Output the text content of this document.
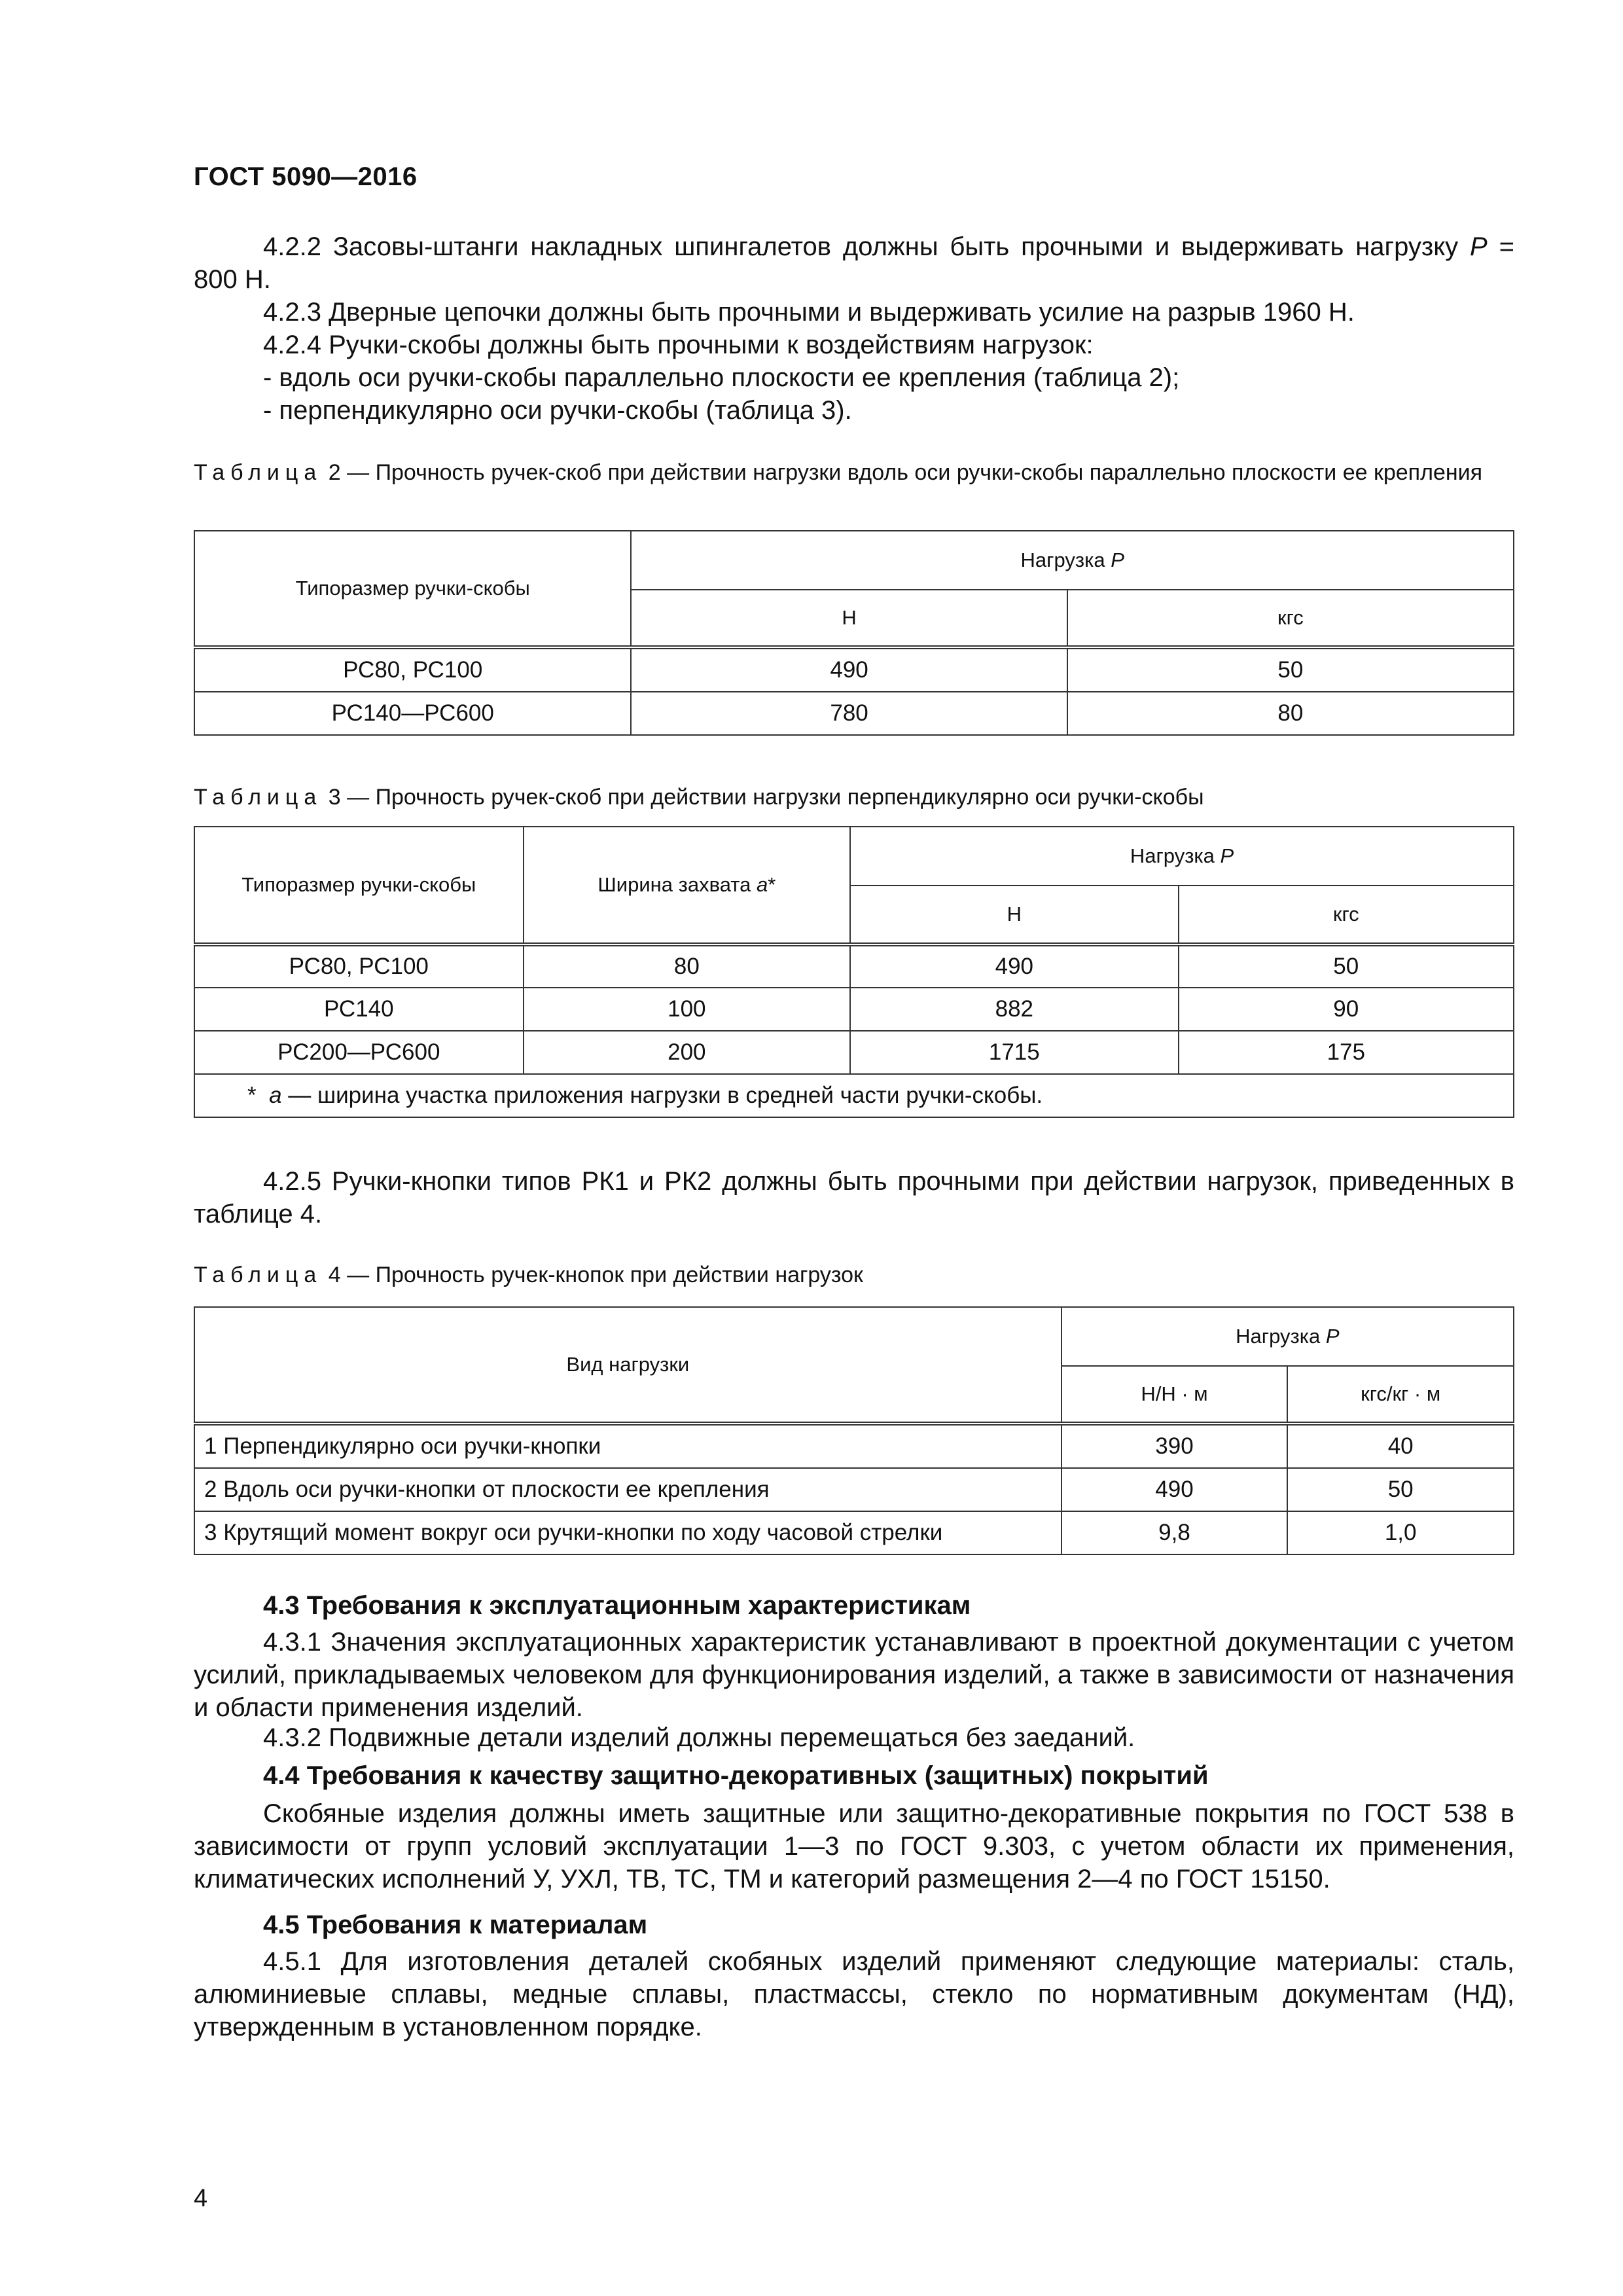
ГОСТ 5090—2016
4.2.2 Засовы-штанги накладных шпингалетов должны быть прочными и выдерживать нагрузку P = 800 Н.
4.2.3 Дверные цепочки должны быть прочными и выдерживать усилие на разрыв 1960 Н.
4.2.4 Ручки-скобы должны быть прочными к воздействиям нагрузок:
- вдоль оси ручки-скобы параллельно плоскости ее крепления (таблица 2);
- перпендикулярно оси ручки-скобы (таблица 3).
Таблица 2 — Прочность ручек-скоб при действии нагрузки вдоль оси ручки-скобы параллельно плоскости ее крепления
Типоразмер ручки-скобы	Нагрузка P	
	Н	кгс
РС80, РС100	490	50
РС140—РС600	780	80
Таблица 3 — Прочность ручек-скоб при действии нагрузки перпендикулярно оси ручки-скобы
Типоразмер ручки-скобы	Ширина захвата a*	Нагрузка P	
		Н	кгс
РС80, РС100	80	490	50
РС140	100	882	90
РС200—РС600	200	1715	175
* a — ширина участка приложения нагрузки в средней части ручки-скобы.			
4.2.5 Ручки-кнопки типов РК1 и РК2 должны быть прочными при действии нагрузок, приведенных в таблице 4.
Таблица 4 — Прочность ручек-кнопок при действии нагрузок
Вид нагрузки	Нагрузка P	
	Н/Н · м	кгс/кг · м
1 Перпендикулярно оси ручки-кнопки	390	40
2 Вдоль оси ручки-кнопки от плоскости ее крепления	490	50
3 Крутящий момент вокруг оси ручки-кнопки по ходу часовой стрелки	9,8	1,0
4.3 Требования к эксплуатационным характеристикам
4.3.1 Значения эксплуатационных характеристик устанавливают в проектной документации с учетом усилий, прикладываемых человеком для функционирования изделий, а также в зависимости от назначения и области применения изделий.
4.3.2 Подвижные детали изделий должны перемещаться без заеданий.
4.4 Требования к качеству защитно-декоративных (защитных) покрытий
Скобяные изделия должны иметь защитные или защитно-декоративные покрытия по ГОСТ 538 в зависимости от групп условий эксплуатации 1—3 по ГОСТ 9.303, с учетом области их применения, климатических исполнений У, УХЛ, ТВ, ТС, ТМ и категорий размещения 2—4 по ГОСТ 15150.
4.5 Требования к материалам
4.5.1 Для изготовления деталей скобяных изделий применяют следующие материалы: сталь, алюминиевые сплавы, медные сплавы, пластмассы, стекло по нормативным документам (НД), утвержденным в установленном порядке.
4
